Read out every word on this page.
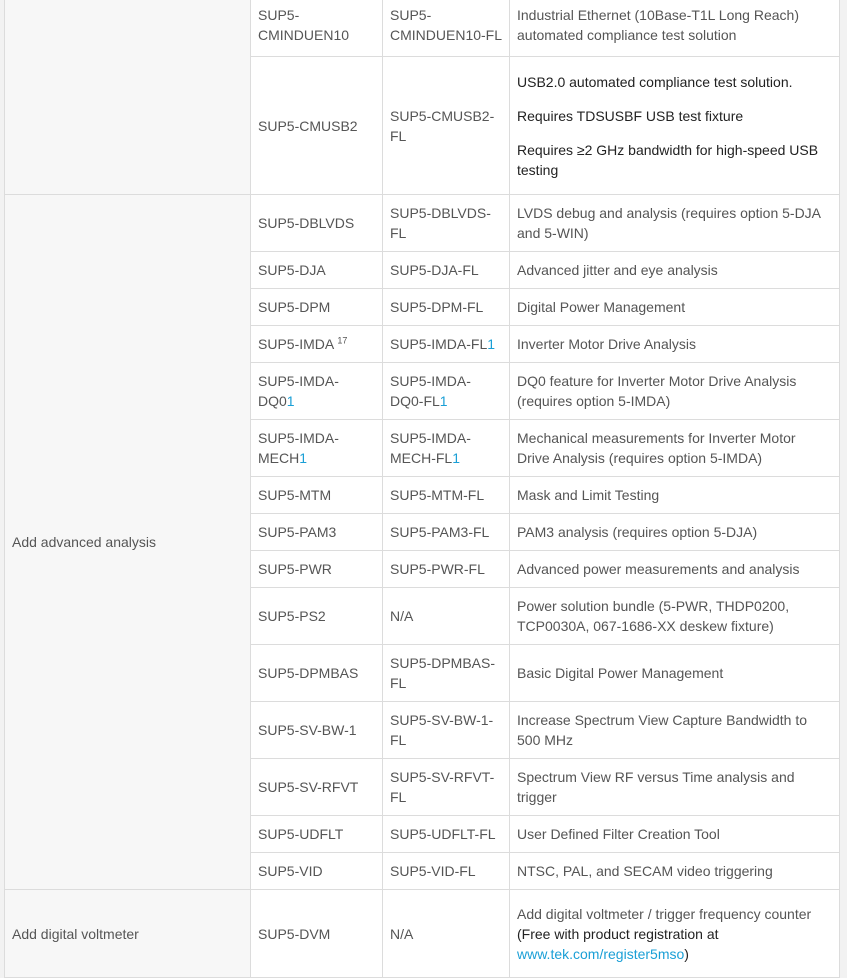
	SUP5-CMINDUEN10	SUP5-CMINDUEN10-FL	Industrial Ethernet (10Base-T1L Long Reach) automated compliance test solution
	SUP5-CMUSB2	SUP5-CMUSB2-FL	USB2.0 automated compliance test solution.

Requires TDSUSBF USB test fixture

Requires ≥2 GHz bandwidth for high-speed USB testing

Add advanced analysis	SUP5-DBLVDS	SUP5-DBLVDS-FL	LVDS debug and analysis (requires option 5-DJA and 5-WIN)
	SUP5-DJA	SUP5-DJA-FL	Advanced jitter and eye analysis
	SUP5-DPM	SUP5-DPM-FL	Digital Power Management
	SUP5-IMDA $^{17}$	SUP5-IMDA-FL1	Inverter Motor Drive Analysis
	SUP5-IMDA-DQ01	SUP5-IMDA-DQ0-FL1	DQ0 feature for Inverter Motor Drive Analysis (requires option 5-IMDA)
	SUP5-IMDA-MECH1	SUP5-IMDA-MECH-FL1	Mechanical measurements for Inverter Motor Drive Analysis (requires option 5-IMDA)
	SUP5-MTM	SUP5-MTM-FL	Mask and Limit Testing
	SUP5-PAM3	SUP5-PAM3-FL	PAM3 analysis (requires option 5-DJA)
	SUP5-PWR	SUP5-PWR-FL	Advanced power measurements and analysis
	SUP5-PS2	N/A	Power solution bundle (5-PWR, THDP0200, TCP0030A, 067-1686-XX deskew fixture)
	SUP5-DPMBAS	SUP5-DPMBAS-FL	Basic Digital Power Management
	SUP5-SV-BW-1	SUP5-SV-BW-1-FL	Increase Spectrum View Capture Bandwidth to 500 MHz
	SUP5-SV-RFVT	SUP5-SV-RFVT-FL	Spectrum View RF versus Time analysis and trigger
	SUP5-UDFLT	SUP5-UDFLT-FL	User Defined Filter Creation Tool
	SUP5-VID	SUP5-VID-FL	NTSC, PAL, and SECAM video triggering
Add digital voltmeter	SUP5-DVM	N/A	Add digital voltmeter / trigger frequency counter
(Free with product registration at
www.tek.com/register5mso)
